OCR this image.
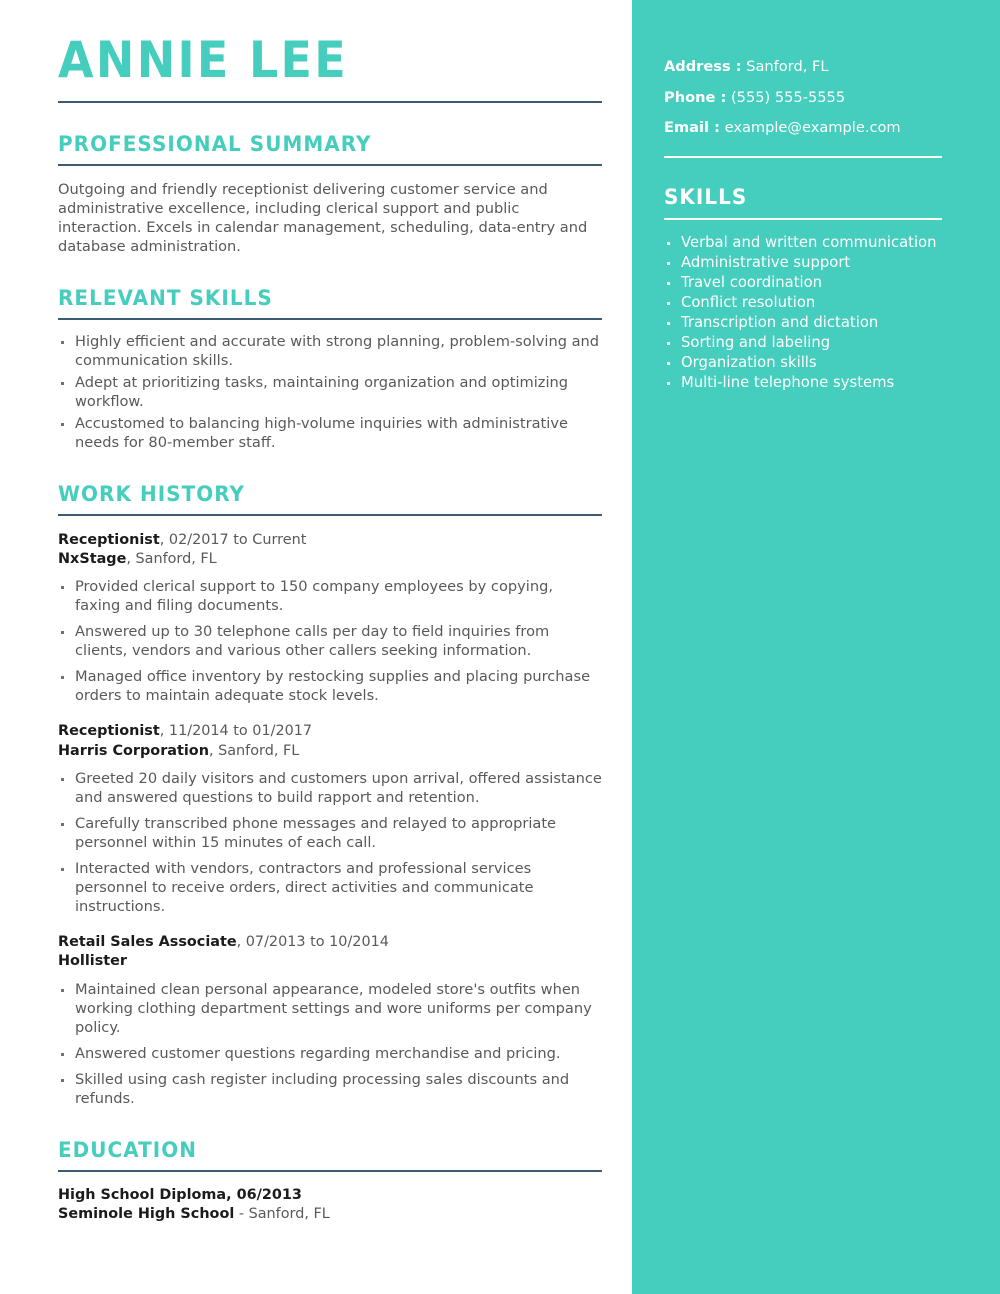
ANNIE LEE
PROFESSIONAL SUMMARY

Outgoing and friendly receptionist delivering customer service and administrative excellence, including clerical support and public interaction. Excels in calendar management, scheduling, data-entry and database administration.

RELEVANT SKILLS
Highly efficient and accurate with strong planning, problem-solving and communication skills.
Adept at prioritizing tasks, maintaining organization and optimizing workflow.
Accustomed to balancing high-volume inquiries with administrative needs for 80-member staff.
WORK HISTORY
Receptionist, 02/2017 to Current
NxStage, Sanford, FL
Provided clerical support to 150 company employees by copying, faxing and filing documents.
Answered up to 30 telephone calls per day to field inquiries from clients, vendors and various other callers seeking information.
Managed office inventory by restocking supplies and placing purchase orders to maintain adequate stock levels.
Receptionist, 11/2014 to 01/2017
Harris Corporation, Sanford, FL
Greeted 20 daily visitors and customers upon arrival, offered assistance and answered questions to build rapport and retention.
Carefully transcribed phone messages and relayed to appropriate personnel within 15 minutes of each call.
Interacted with vendors, contractors and professional services personnel to receive orders, direct activities and communicate instructions.
Retail Sales Associate, 07/2013 to 10/2014
Hollister
Maintained clean personal appearance, modeled store's outfits when working clothing department settings and wore uniforms per company policy.
Answered customer questions regarding merchandise and pricing.
Skilled using cash register including processing sales discounts and refunds.
EDUCATION
High School Diploma, 06/2013
Seminole High School - Sanford, FL
Address : Sanford, FL
Phone : (555) 555-5555
Email : example@example.com
SKILLS
Verbal and written communication
Administrative support
Travel coordination
Conflict resolution
Transcription and dictation
Sorting and labeling
Organization skills
Multi-line telephone systems
